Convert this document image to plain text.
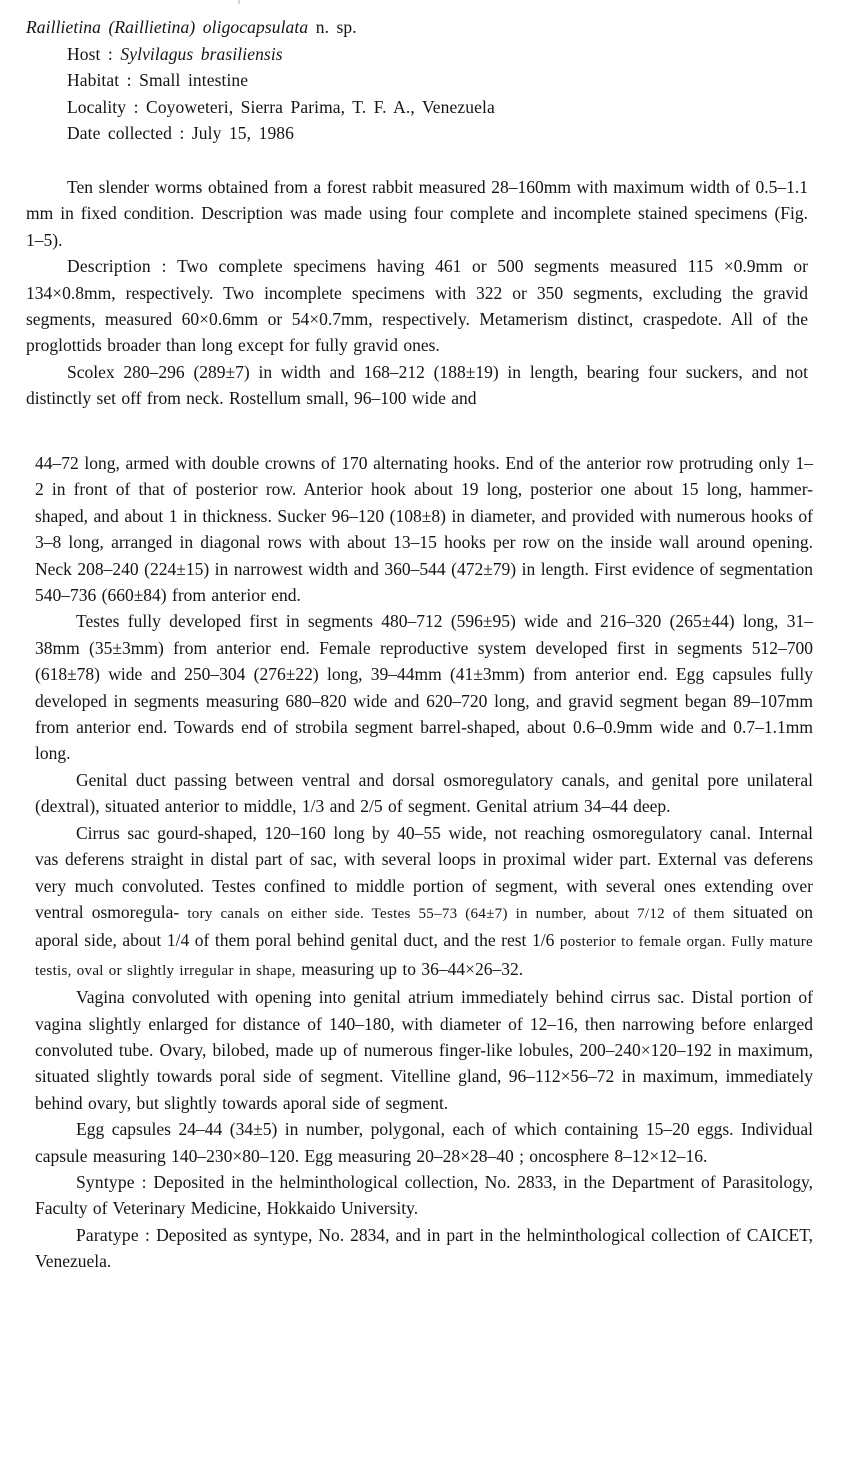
Raillietina (Raillietina) oligocapsulata n. sp.
Host : Sylvilagus brasiliensis
Habitat : Small intestine
Locality : Coyoweteri, Sierra Parima, T. F. A., Venezuela
Date collected : July 15, 1986

Ten slender worms obtained from a forest rabbit measured 28–160mm with maximum width of 0.5–1.1 mm in fixed condition. Description was made using four complete and incomplete stained specimens (Fig. 1–5).

Description : Two complete specimens having 461 or 500 segments measured 115 ×0.9mm or 134×0.8mm, respectively. Two incomplete specimens with 322 or 350 segments, excluding the gravid segments, measured 60×0.6mm or 54×0.7mm, respectively. Metamerism distinct, craspedote. All of the proglottids broader than long except for fully gravid ones.

Scolex 280–296 (289±7) in width and 168–212 (188±19) in length, bearing four suckers, and not distinctly set off from neck. Rostellum small, 96–100 wide and

44–72 long, armed with double crowns of 170 alternating hooks. End of the anterior row protruding only 1–2 in front of that of posterior row. Anterior hook about 19 long, posterior one about 15 long, hammer-shaped, and about 1 in thickness. Sucker 96–120 (108±8) in diameter, and provided with numerous hooks of 3–8 long, arranged in diagonal rows with about 13–15 hooks per row on the inside wall around opening. Neck 208–240 (224±15) in narrowest width and 360–544 (472±79) in length. First evidence of segmentation 540–736 (660±84) from anterior end.

Testes fully developed first in segments 480–712 (596±95) wide and 216–320 (265±44) long, 31–38mm (35±3mm) from anterior end. Female reproductive system developed first in segments 512–700 (618±78) wide and 250–304 (276±22) long, 39–44mm (41±3mm) from anterior end. Egg capsules fully developed in segments measuring 680–820 wide and 620–720 long, and gravid segment began 89–107mm from anterior end. Towards end of strobila segment barrel-shaped, about 0.6–0.9mm wide and 0.7–1.1mm long.

Genital duct passing between ventral and dorsal osmoregulatory canals, and genital pore unilateral (dextral), situated anterior to middle, 1/3 and 2/5 of segment. Genital atrium 34–44 deep.

Cirrus sac gourd-shaped, 120–160 long by 40–55 wide, not reaching osmoregulatory canal. Internal vas deferens straight in distal part of sac, with several loops in proximal wider part. External vas deferens very much convoluted. Testes confined to middle portion of segment, with several ones extending over ventral osmoregula- tory canals on either side. Testes 55–73 (64±7) in number, about 7/12 of them situated on aporal side, about 1/4 of them poral behind genital duct, and the rest 1/6 posterior to female organ. Fully mature testis, oval or slightly irregular in shape, measuring up to 36–44×26–32.

Vagina convoluted with opening into genital atrium immediately behind cirrus sac. Distal portion of vagina slightly enlarged for distance of 140–180, with diameter of 12–16, then narrowing before enlarged convoluted tube. Ovary, bilobed, made up of numerous finger-like lobules, 200–240×120–192 in maximum, situated slightly towards poral side of segment. Vitelline gland, 96–112×56–72 in maximum, immediately behind ovary, but slightly towards aporal side of segment.

Egg capsules 24–44 (34±5) in number, polygonal, each of which containing 15–20 eggs. Individual capsule measuring 140–230×80–120. Egg measuring 20–28×28–40 ; oncosphere 8–12×12–16.

Syntype : Deposited in the helminthological collection, No. 2833, in the Department of Parasitology, Faculty of Veterinary Medicine, Hokkaido University.

Paratype : Deposited as syntype, No. 2834, and in part in the helminthological collection of CAICET, Venezuela.
